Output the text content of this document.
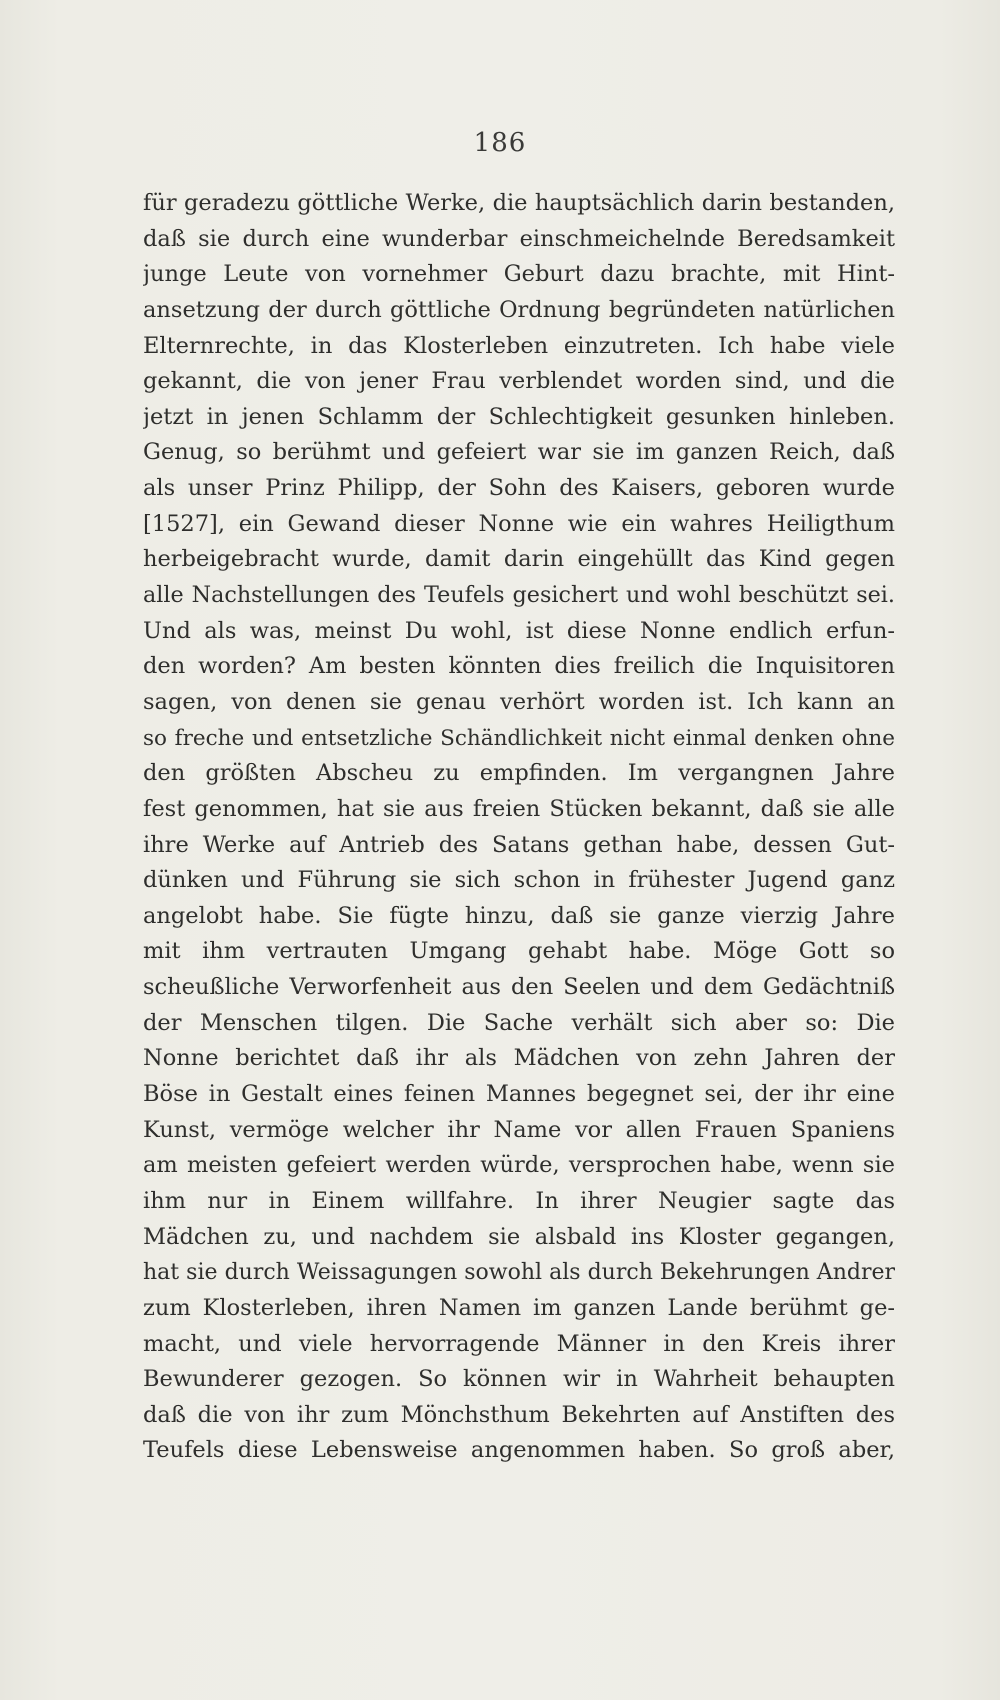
186
für geradezu göttliche Werke, die hauptsächlich darin bestanden,
daß sie durch eine wunderbar einschmeichelnde Beredsamkeit
junge Leute von vornehmer Geburt dazu brachte, mit Hint-
ansetzung der durch göttliche Ordnung begründeten natürlichen
Elternrechte, in das Klosterleben einzutreten. Ich habe viele
gekannt, die von jener Frau verblendet worden sind, und die
jetzt in jenen Schlamm der Schlechtigkeit gesunken hinleben.
Genug, so berühmt und gefeiert war sie im ganzen Reich, daß
als unser Prinz Philipp, der Sohn des Kaisers, geboren wurde
[1527], ein Gewand dieser Nonne wie ein wahres Heiligthum
herbeigebracht wurde, damit darin eingehüllt das Kind gegen
alle Nachstellungen des Teufels gesichert und wohl beschützt sei.
Und als was, meinst Du wohl, ist diese Nonne endlich erfun-
den worden? Am besten könnten dies freilich die Inquisitoren
sagen, von denen sie genau verhört worden ist. Ich kann an
so freche und entsetzliche Schändlichkeit nicht einmal denken ohne
den größten Abscheu zu empfinden. Im vergangnen Jahre
fest genommen, hat sie aus freien Stücken bekannt, daß sie alle
ihre Werke auf Antrieb des Satans gethan habe, dessen Gut-
dünken und Führung sie sich schon in frühester Jugend ganz
angelobt habe. Sie fügte hinzu, daß sie ganze vierzig Jahre
mit ihm vertrauten Umgang gehabt habe. Möge Gott so
scheußliche Verworfenheit aus den Seelen und dem Gedächtniß
der Menschen tilgen. Die Sache verhält sich aber so: Die
Nonne berichtet daß ihr als Mädchen von zehn Jahren der
Böse in Gestalt eines feinen Mannes begegnet sei, der ihr eine
Kunst, vermöge welcher ihr Name vor allen Frauen Spaniens
am meisten gefeiert werden würde, versprochen habe, wenn sie
ihm nur in Einem willfahre. In ihrer Neugier sagte das
Mädchen zu, und nachdem sie alsbald ins Kloster gegangen,
hat sie durch Weissagungen sowohl als durch Bekehrungen Andrer
zum Klosterleben, ihren Namen im ganzen Lande berühmt ge-
macht, und viele hervorragende Männer in den Kreis ihrer
Bewunderer gezogen. So können wir in Wahrheit behaupten
daß die von ihr zum Mönchsthum Bekehrten auf Anstiften des
Teufels diese Lebensweise angenommen haben. So groß aber,
